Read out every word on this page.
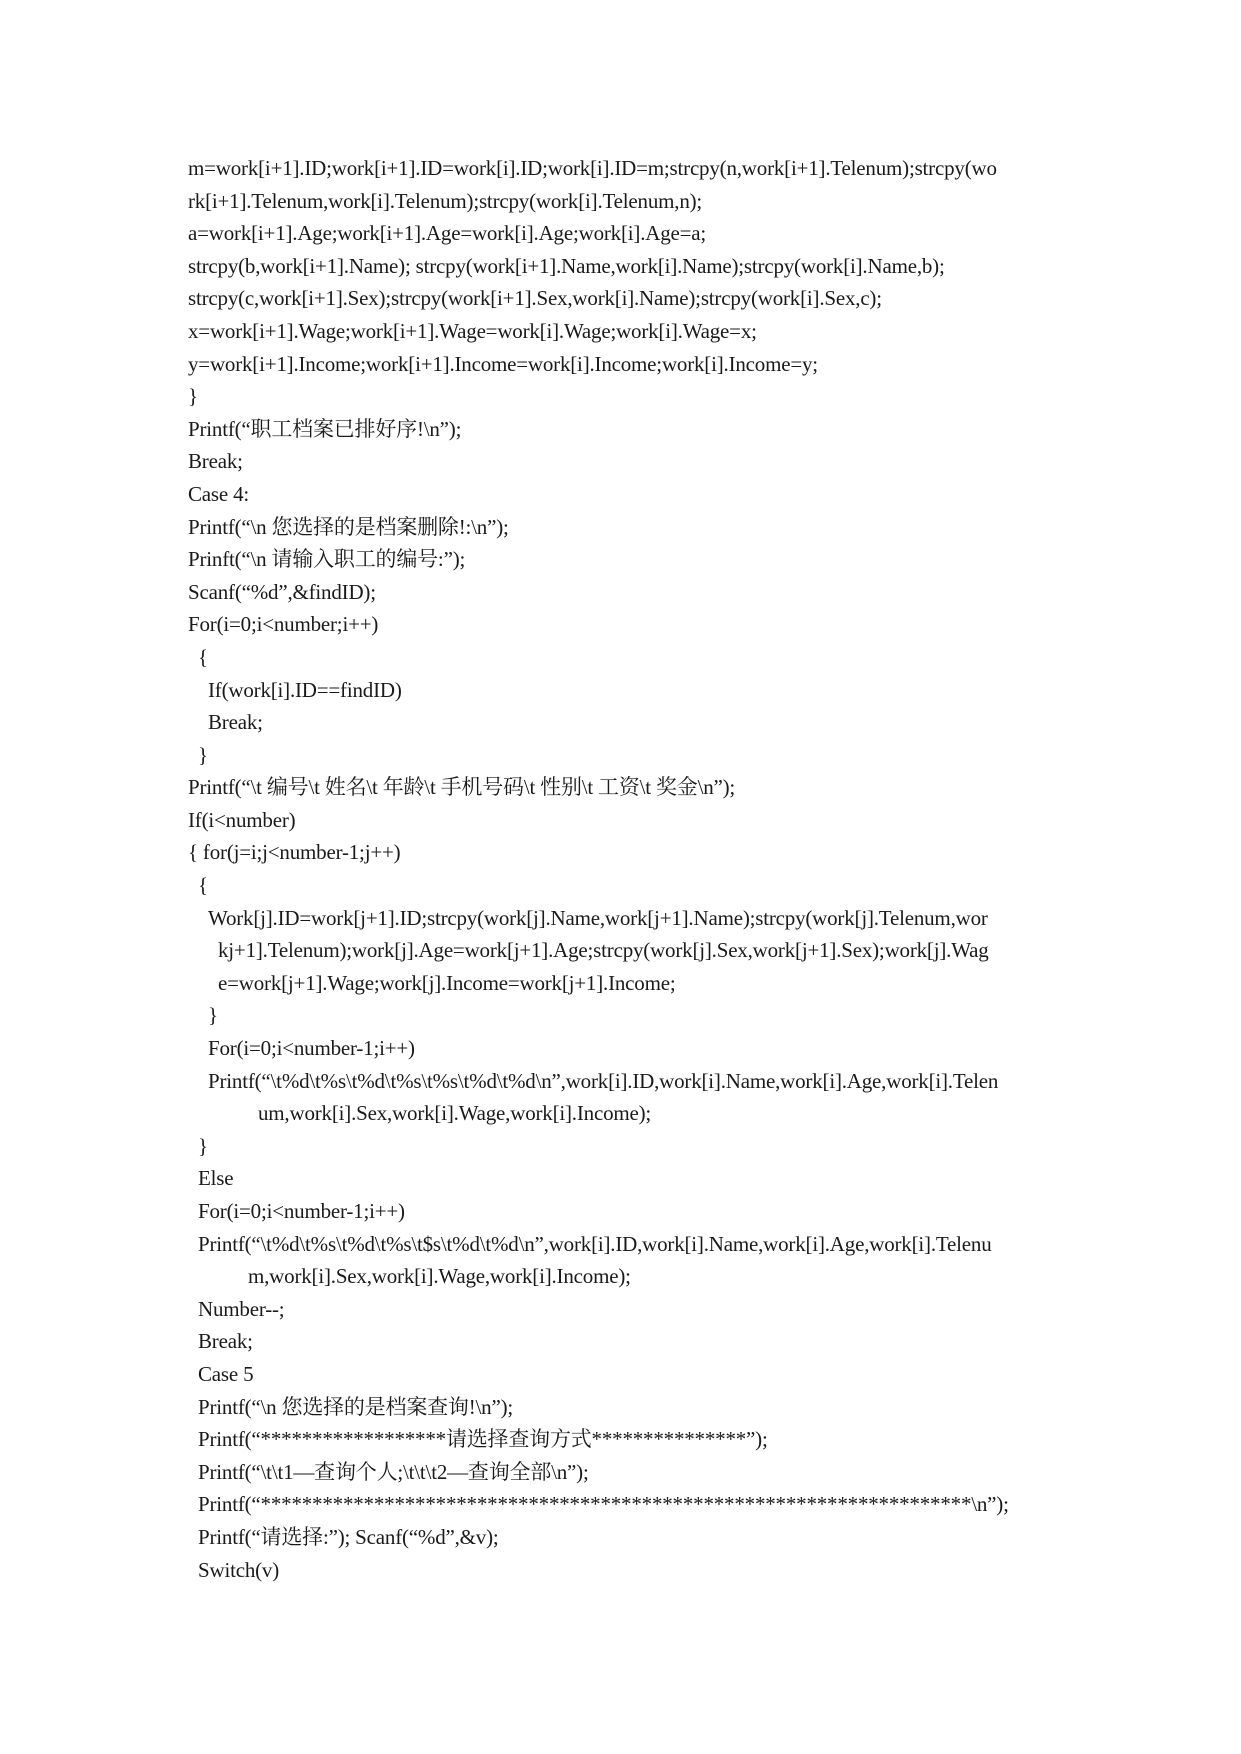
m=work[i+1].ID;work[i+1].ID=work[i].ID;work[i].ID=m;strcpy(n,work[i+1].Telenum);strcpy(wo
rk[i+1].Telenum,work[i].Telenum);strcpy(work[i].Telenum,n);
a=work[i+1].Age;work[i+1].Age=work[i].Age;work[i].Age=a;
strcpy(b,work[i+1].Name); strcpy(work[i+1].Name,work[i].Name);strcpy(work[i].Name,b);
strcpy(c,work[i+1].Sex);strcpy(work[i+1].Sex,work[i].Name);strcpy(work[i].Sex,c);
x=work[i+1].Wage;work[i+1].Wage=work[i].Wage;work[i].Wage=x;
y=work[i+1].Income;work[i+1].Income=work[i].Income;work[i].Income=y;
}
Printf(“职工档案已排好序!\n”);
Break;
Case 4:
Printf(“\n 您选择的是档案删除!:\n”);
Prinft(“\n 请输入职工的编号:”);
Scanf(“%d”,&findID);
For(i=0;i<number;i++)
{
If(work[i].ID==findID)
Break;
}
Printf(“\t 编号\t 姓名\t 年龄\t 手机号码\t 性别\t 工资\t 奖金\n”);
If(i<number)
{ for(j=i;j<number-1;j++)
{
Work[j].ID=work[j+1].ID;strcpy(work[j].Name,work[j+1].Name);strcpy(work[j].Telenum,wor
kj+1].Telenum);work[j].Age=work[j+1].Age;strcpy(work[j].Sex,work[j+1].Sex);work[j].Wag
e=work[j+1].Wage;work[j].Income=work[j+1].Income;
}
For(i=0;i<number-1;i++)
Printf(“\t%d\t%s\t%d\t%s\t%s\t%d\t%d\n”,work[i].ID,work[i].Name,work[i].Age,work[i].Telen
um,work[i].Sex,work[i].Wage,work[i].Income);
}
Else
For(i=0;i<number-1;i++)
Printf(“\t%d\t%s\t%d\t%s\t$s\t%d\t%d\n”,work[i].ID,work[i].Name,work[i].Age,work[i].Telenu
m,work[i].Sex,work[i].Wage,work[i].Income);
Number--;
Break;
Case 5
Printf(“\n 您选择的是档案查询!\n”);
Printf(“******************请选择查询方式***************”);
Printf(“\t\t1—查询个人;\t\t\t2—查询全部\n”);
Printf(“*********************************************************************\n”);
Printf(“请选择:”); Scanf(“%d”,&v);
Switch(v)
